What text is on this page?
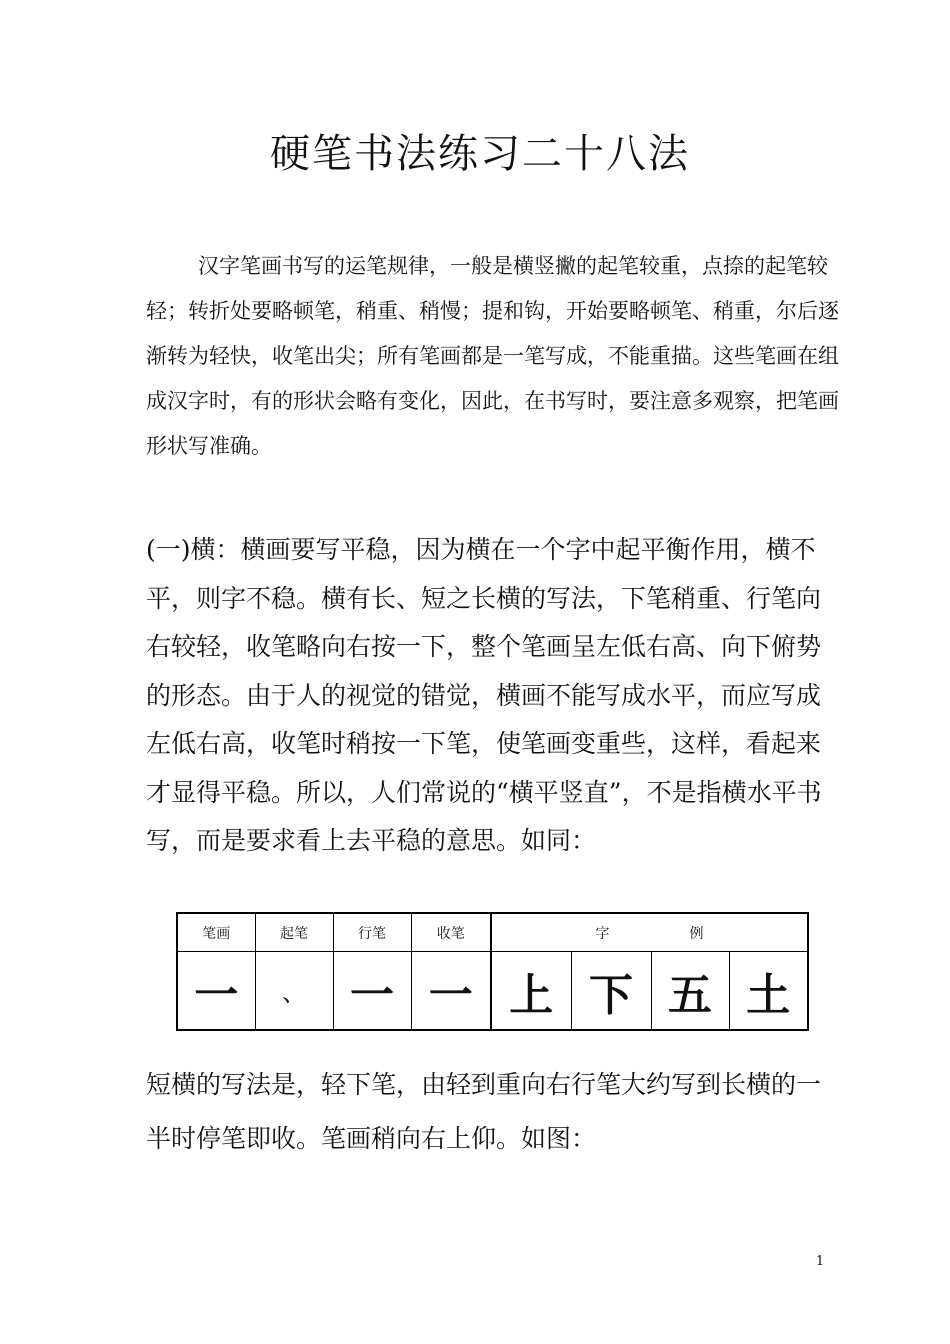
硬笔书法练习二十八法

汉字笔画书写的运笔规律，一般是横竖撇的起笔较重，点捺的起笔较轻；转折处要略顿笔，稍重、稍慢；提和钩，开始要略顿笔、稍重，尔后逐渐转为轻快，收笔出尖；所有笔画都是一笔写成，不能重描。这些笔画在组成汉字时，有的形状会略有变化，因此，在书写时，要注意多观察，把笔画形状写准确。

(一)横：横画要写平稳，因为横在一个字中起平衡作用，横不平，则字不稳。横有长、短之长横的写法，下笔稍重、行笔向右较轻，收笔略向右按一下，整个笔画呈左低右高、向下俯势的形态。由于人的视觉的错觉，横画不能写成水平，而应写成左低右高，收笔时稍按一下笔，使笔画变重些，这样，看起来才显得平稳。所以，人们常说的“横平竖直”，不是指横水平书写，而是要求看上去平稳的意思。如同：

笔画	起笔	行笔	收笔	字 例			
一	、	一	一	上	下	五	土

短横的写法是，轻下笔，由轻到重向右行笔大约写到长横的一半时停笔即收。笔画稍向右上仰。如图：

1
